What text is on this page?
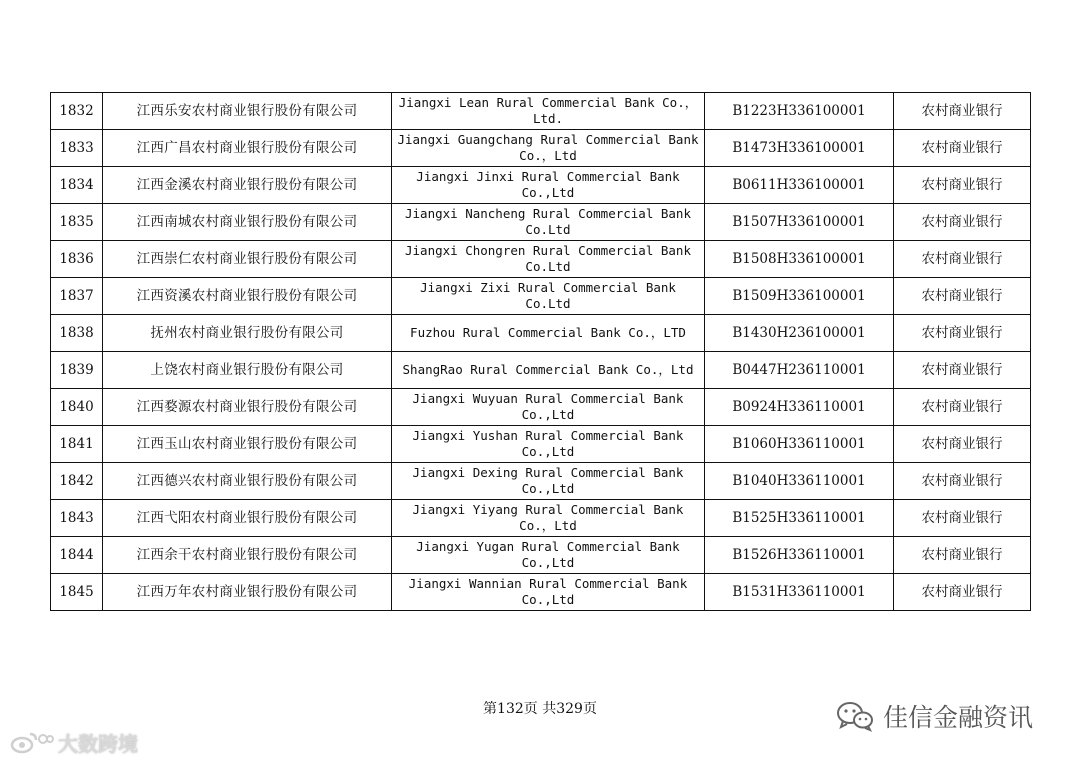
1832	江西乐安农村商业银行股份有限公司	Jiangxi Lean Rural Commercial Bank Co.，Ltd.	B1223H336100001	农村商业银行
1833	江西广昌农村商业银行股份有限公司	Jiangxi Guangchang Rural Commercial Bank Co.，Ltd	B1473H336100001	农村商业银行
1834	江西金溪农村商业银行股份有限公司	Jiangxi Jinxi Rural Commercial Bank Co.,Ltd	B0611H336100001	农村商业银行
1835	江西南城农村商业银行股份有限公司	Jiangxi Nancheng Rural Commercial Bank Co.Ltd	B1507H336100001	农村商业银行
1836	江西崇仁农村商业银行股份有限公司	Jiangxi Chongren Rural Commercial Bank Co.Ltd	B1508H336100001	农村商业银行
1837	江西资溪农村商业银行股份有限公司	Jiangxi Zixi Rural Commercial Bank Co.Ltd	B1509H336100001	农村商业银行
1838	抚州农村商业银行股份有限公司	Fuzhou Rural Commercial Bank Co.，LTD	B1430H236100001	农村商业银行
1839	上饶农村商业银行股份有限公司	ShangRao Rural Commercial Bank Co.，Ltd	B0447H236110001	农村商业银行
1840	江西婺源农村商业银行股份有限公司	Jiangxi Wuyuan Rural Commercial Bank Co.,Ltd	B0924H336110001	农村商业银行
1841	江西玉山农村商业银行股份有限公司	Jiangxi Yushan Rural Commercial Bank Co.,Ltd	B1060H336110001	农村商业银行
1842	江西德兴农村商业银行股份有限公司	Jiangxi Dexing Rural Commercial Bank Co.,Ltd	B1040H336110001	农村商业银行
1843	江西弋阳农村商业银行股份有限公司	Jiangxi Yiyang Rural Commercial Bank Co.，Ltd	B1525H336110001	农村商业银行
1844	江西余干农村商业银行股份有限公司	Jiangxi Yugan Rural Commercial Bank Co.,Ltd	B1526H336110001	农村商业银行
1845	江西万年农村商业银行股份有限公司	Jiangxi Wannian Rural Commercial Bank Co.,Ltd	B1531H336110001	农村商业银行
第132页 共329页
大数跨境
佳信金融资讯
